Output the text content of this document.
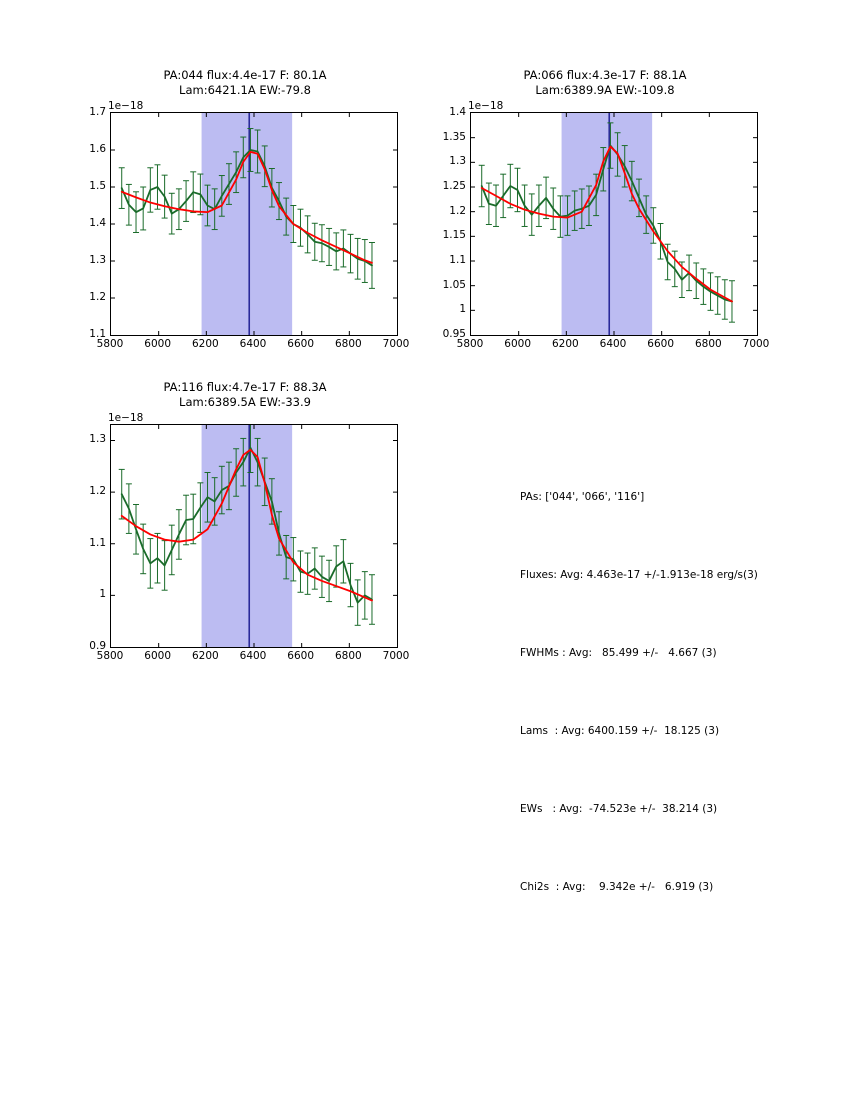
PA:044 flux:4.4e-17 F: 80.1A
Lam:6421.1A EW:-79.8
1e−18
5800 6000 6200 6400 6600 6800 7000
1.1
1.2
1.3
1.4
1.5
1.6
1.7
PA:066 flux:4.3e-17 F: 88.1A
Lam:6389.9A EW:-109.8
1e−18
5800 6000 6200 6400 6600 6800 7000
0.95
1
1.05
1.1
1.15
1.2
1.25
1.3
1.35
1.4
PA:116 flux:4.7e-17 F: 88.3A
Lam:6389.5A EW:-33.9
1e−18
5800 6000 6200 6400 6600 6800 7000
0.9
1
1.1
1.2
1.3

PAs: ['044', '066', '116']

Fluxes: Avg: 4.463e-17 +/-1.913e-18 erg/s(3)

FWHMs : Avg:   85.499 +/-   4.667 (3)

Lams  : Avg: 6400.159 +/-  18.125 (3)

EWs   : Avg:  -74.523e +/-  38.214 (3)

Chi2s  : Avg:    9.342e +/-   6.919 (3)
